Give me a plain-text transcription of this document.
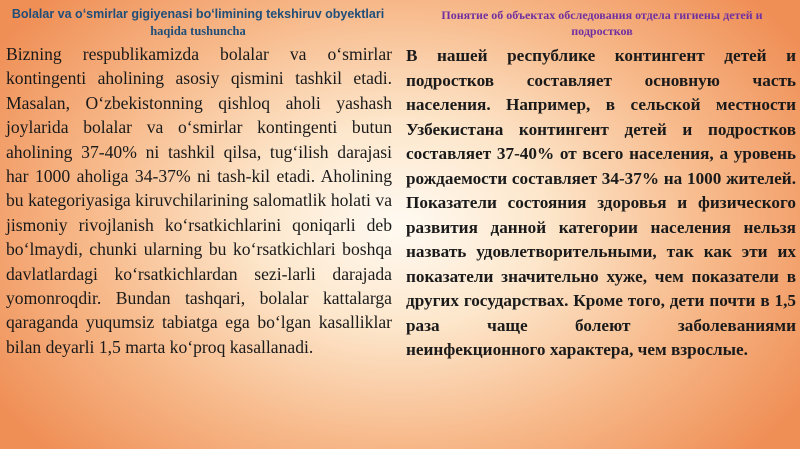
Bolalar va oʻsmirlar gigiyenasi boʻlimining tekshiruv obyektlari haqida tushuncha

Bizning respublikamizda bolalar va oʻsmirlar kontingenti aholining asosiy qismini tashkil etadi. Masalan, Oʻzbekistonning qishloq aholi yashash joylarida bolalar va oʻsmirlar kontingenti butun aholining 37-40% ni tashkil qilsa, tugʻilish darajasi har 1000 aholiga 34-37% ni tash-kil etadi. Aholining bu kategoriyasiga kiruvchilarining salomatlik holati va jismoniy rivojlanish koʻrsatkichlarini qoniqarli deb boʻlmaydi, chunki ularning bu koʻrsatkichlari boshqa davlatlardagi koʻrsatkichlardan sezi-larli darajada yomonroqdir. Bundan tashqari, bolalar kattalarga qaraganda yuqumsiz tabiatga ega boʻlgan kasalliklar bilan deyarli 1,5 marta koʻproq kasallanadi.

Понятие об объектах обследования отдела гигиены детей и подростков

В нашей республике контингент детей и подростков составляет основную часть населения. Например, в сельской местности Узбекистана контингент детей и подростков составляет 37-40% от всего населения, а уровень рождаемости составляет 34-37% на 1000 жителей. Показатели состояния здоровья и физического развития данной категории населения нельзя назвать удовлетворительными, так как эти их показатели значительно хуже, чем показатели в других государствах. Кроме того, дети почти в 1,5 раза чаще болеют заболеваниями неинфекционного характера, чем взрослые.
